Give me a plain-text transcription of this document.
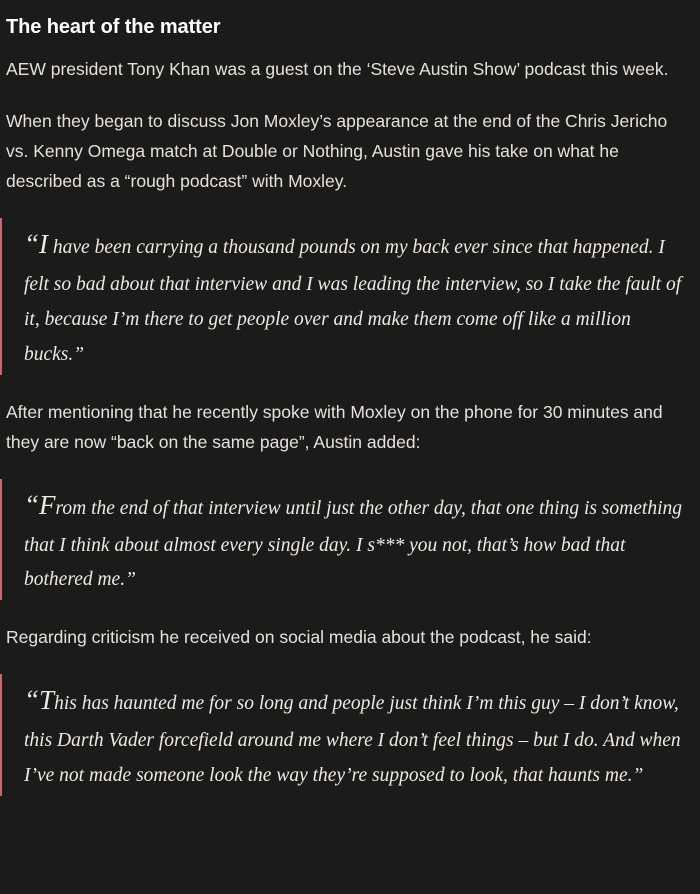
The heart of the matter

AEW president Tony Khan was a guest on the ‘Steve Austin Show’ podcast this week.

When they began to discuss Jon Moxley’s appearance at the end of the Chris Jericho vs. Kenny Omega match at Double or Nothing, Austin gave his take on what he described as a “rough podcast” with Moxley.

“I have been carrying a thousand pounds on my back ever since that happened. I felt so bad about that interview and I was leading the interview, so I take the fault of it, because I’m there to get people over and make them come off like a million bucks.”

After mentioning that he recently spoke with Moxley on the phone for 30 minutes and they are now “back on the same page”, Austin added:

“From the end of that interview until just the other day, that one thing is something that I think about almost every single day. I s*** you not, that’s how bad that bothered me.”

Regarding criticism he received on social media about the podcast, he said:

“This has haunted me for so long and people just think I’m this guy – I don’t know, this Darth Vader forcefield around me where I don’t feel things – but I do. And when I’ve not made someone look the way they’re supposed to look, that haunts me.”
